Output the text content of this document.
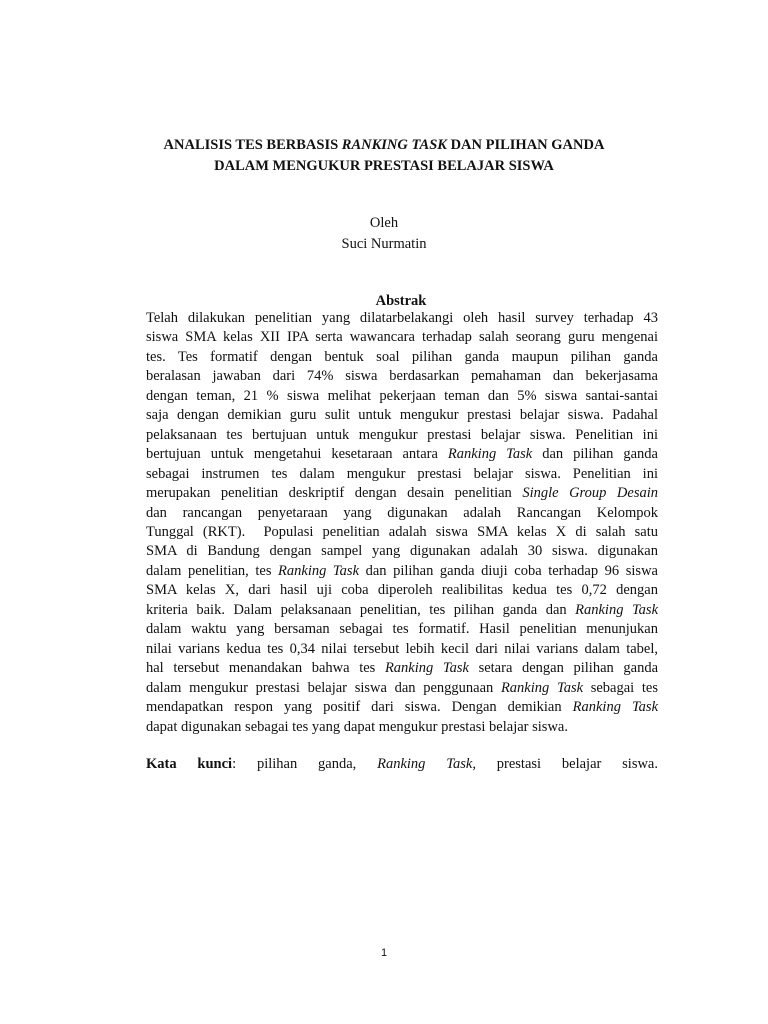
ANALISIS TES BERBASIS RANKING TASK DAN PILIHAN GANDA
DALAM MENGUKUR PRESTASI BELAJAR SISWA
Oleh
Suci Nurmatin
Abstrak
Telah dilakukan penelitian yang dilatarbelakangi oleh hasil survey terhadap 43
siswa SMA kelas XII IPA serta wawancara terhadap salah seorang guru mengenai
tes. Tes formatif dengan bentuk soal pilihan ganda maupun pilihan ganda
beralasan jawaban dari 74% siswa berdasarkan pemahaman dan bekerjasama
dengan teman, 21 % siswa melihat pekerjaan teman dan 5% siswa santai-santai
saja dengan demikian guru sulit untuk mengukur prestasi belajar siswa. Padahal
pelaksanaan tes bertujuan untuk mengukur prestasi belajar siswa. Penelitian ini
bertujuan untuk mengetahui kesetaraan antara Ranking Task dan pilihan ganda
sebagai instrumen tes dalam mengukur prestasi belajar siswa. Penelitian ini
merupakan penelitian deskriptif dengan desain penelitian Single Group Desain
dan rancangan penyetaraan yang digunakan adalah Rancangan Kelompok
Tunggal (RKT).  Populasi penelitian adalah siswa SMA kelas X di salah satu
SMA di Bandung dengan sampel yang digunakan adalah 30 siswa. digunakan
dalam penelitian, tes Ranking Task dan pilihan ganda diuji coba terhadap 96 siswa
SMA kelas X, dari hasil uji coba diperoleh realibilitas kedua tes 0,72 dengan
kriteria baik. Dalam pelaksanaan penelitian, tes pilihan ganda dan Ranking Task
dalam waktu yang bersaman sebagai tes formatif. Hasil penelitian menunjukan
nilai varians kedua tes 0,34 nilai tersebut lebih kecil dari nilai varians dalam tabel,
hal tersebut menandakan bahwa tes Ranking Task setara dengan pilihan ganda
dalam mengukur prestasi belajar siswa dan penggunaan Ranking Task sebagai tes
mendapatkan respon yang positif dari siswa. Dengan demikian Ranking Task
dapat digunakan sebagai tes yang dapat mengukur prestasi belajar siswa.
Kata kunci: pilihan ganda, Ranking Task, prestasi belajar siswa.
1
